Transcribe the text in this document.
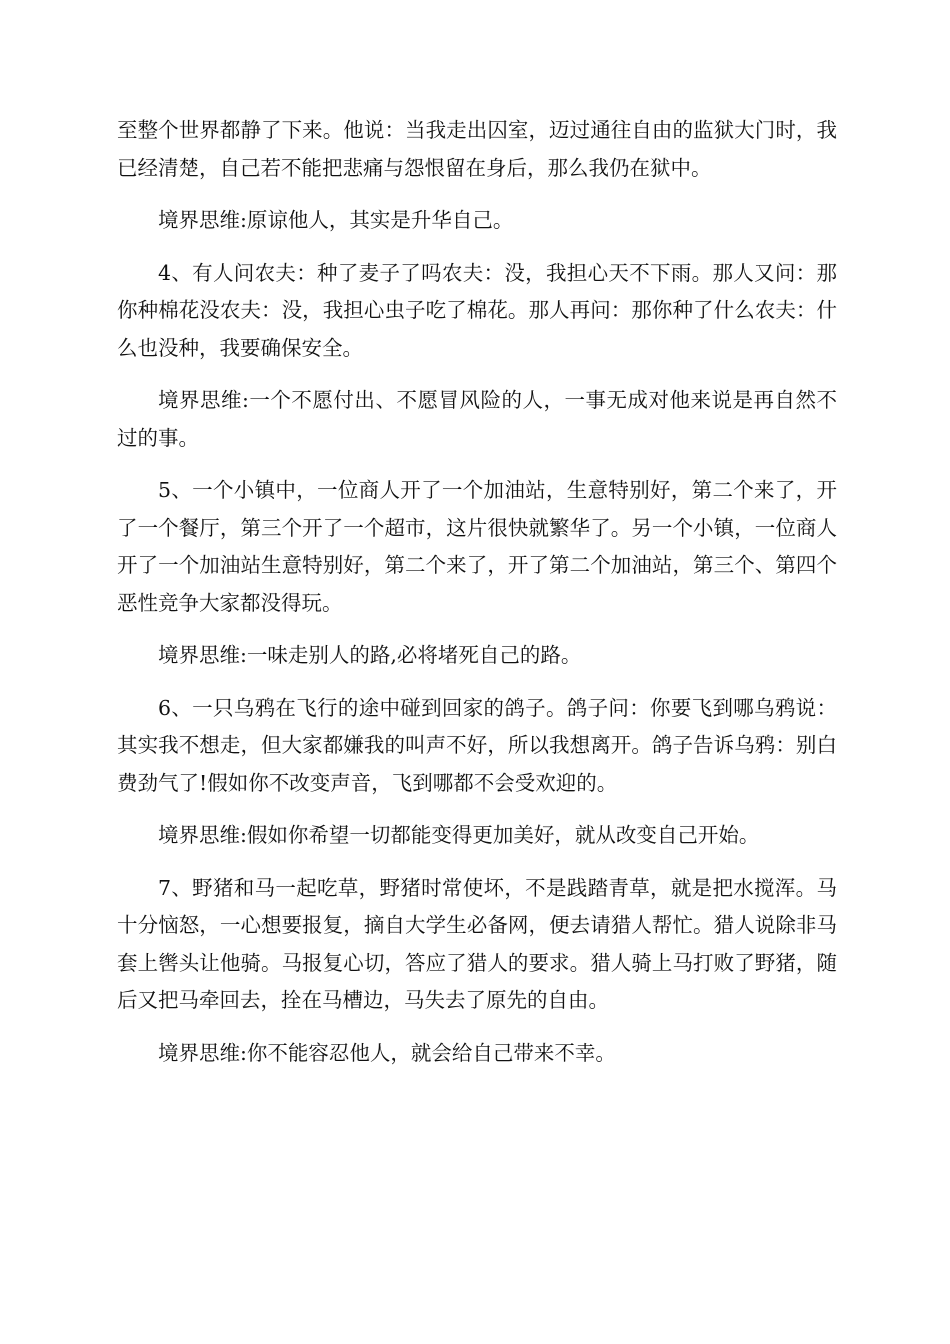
至整个世界都静了下来。他说：当我走出囚室，迈过通往自由的监狱大门时，我已经清楚，自己若不能把悲痛与怨恨留在身后，那么我仍在狱中。

境界思维:原谅他人，其实是升华自己。

4、有人问农夫：种了麦子了吗农夫：没，我担心天不下雨。那人又问：那你种棉花没农夫：没，我担心虫子吃了棉花。那人再问：那你种了什么农夫：什么也没种，我要确保安全。

境界思维:一个不愿付出、不愿冒风险的人，一事无成对他来说是再自然不过的事。

5、一个小镇中，一位商人开了一个加油站，生意特别好，第二个来了，开了一个餐厅，第三个开了一个超市，这片很快就繁华了。另一个小镇，一位商人开了一个加油站生意特别好，第二个来了，开了第二个加油站，第三个、第四个恶性竞争大家都没得玩。

境界思维:一味走别人的路,必将堵死自己的路。

6、一只乌鸦在飞行的途中碰到回家的鸽子。鸽子问：你要飞到哪乌鸦说：其实我不想走，但大家都嫌我的叫声不好，所以我想离开。鸽子告诉乌鸦：别白费劲气了!假如你不改变声音，飞到哪都不会受欢迎的。

境界思维:假如你希望一切都能变得更加美好，就从改变自己开始。

7、野猪和马一起吃草，野猪时常使坏，不是践踏青草，就是把水搅浑。马十分恼怒，一心想要报复，摘自大学生必备网，便去请猎人帮忙。猎人说除非马套上辔头让他骑。马报复心切，答应了猎人的要求。猎人骑上马打败了野猪，随后又把马牵回去，拴在马槽边，马失去了原先的自由。

境界思维:你不能容忍他人，就会给自己带来不幸。
